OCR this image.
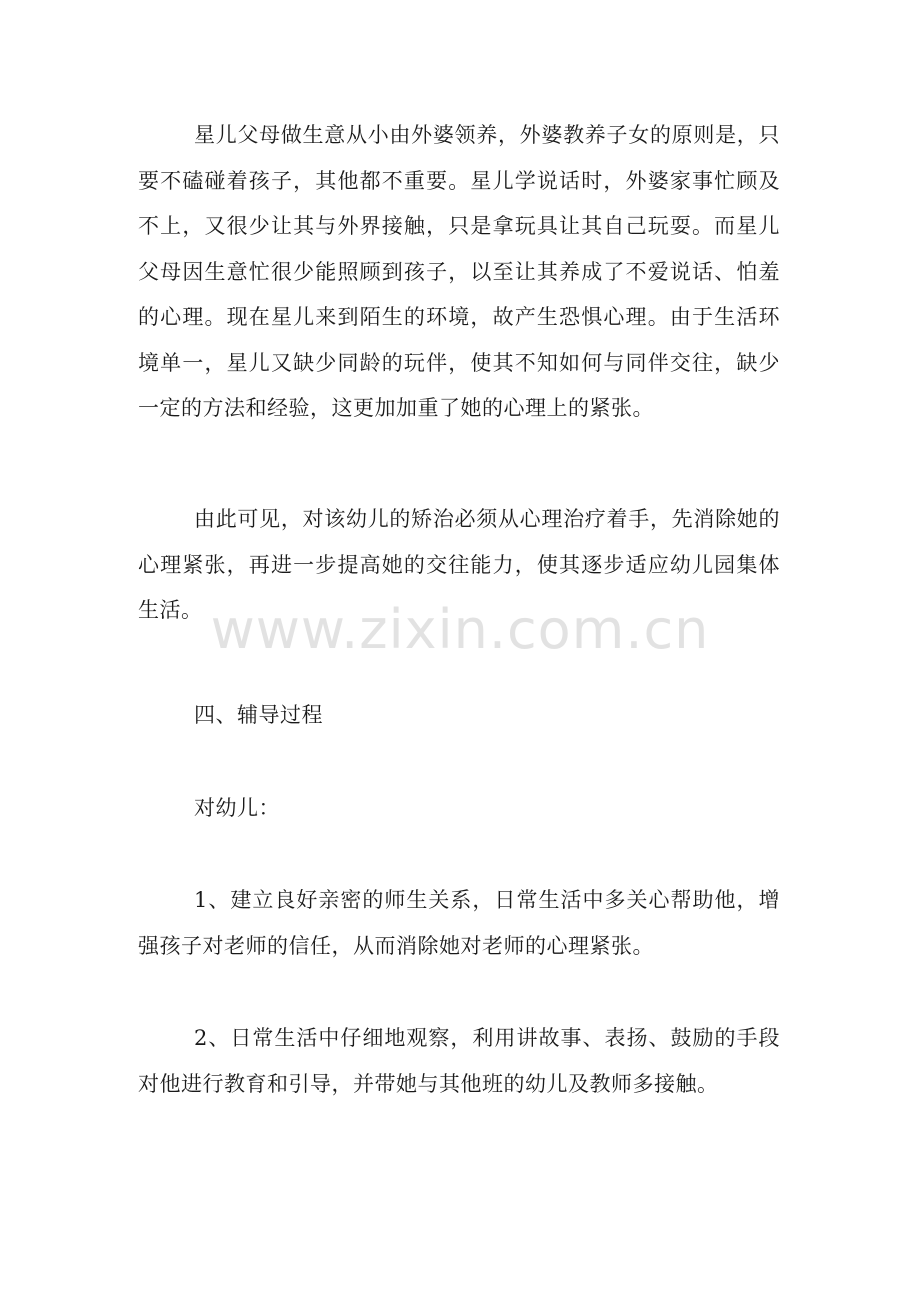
星儿父母做生意从小由外婆领养，外婆教养子女的原则是，只要不磕碰着孩子，其他都不重要。星儿学说话时，外婆家事忙顾及不上，又很少让其与外界接触，只是拿玩具让其自己玩耍。而星儿父母因生意忙很少能照顾到孩子，以至让其养成了不爱说话、怕羞的心理。现在星儿来到陌生的环境，故产生恐惧心理。由于生活环境单一，星儿又缺少同龄的玩伴，使其不知如何与同伴交往，缺少一定的方法和经验，这更加加重了她的心理上的紧张。

由此可见，对该幼儿的矫治必须从心理治疗着手，先消除她的心理紧张，再进一步提高她的交往能力，使其逐步适应幼儿园集体生活。 www.zixin.com.cn

四、辅导过程

对幼儿：

1、建立良好亲密的师生关系，日常生活中多关心帮助他，增强孩子对老师的信任，从而消除她对老师的心理紧张。

2、日常生活中仔细地观察，利用讲故事、表扬、鼓励的手段对他进行教育和引导，并带她与其他班的幼儿及教师多接触。
